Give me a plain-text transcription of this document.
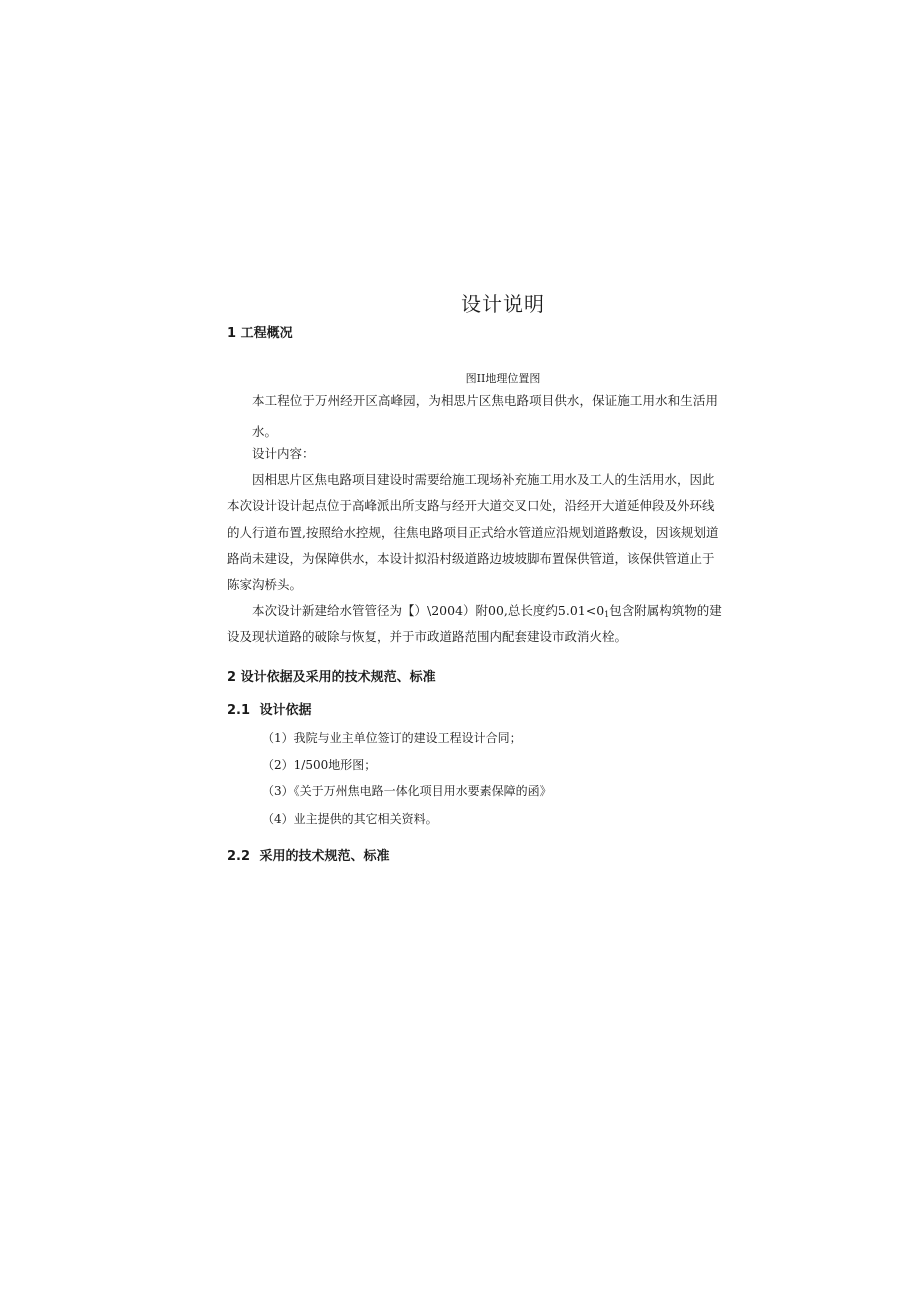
设计说明
1 工程概况
图II地理位置图
本工程位于万州经开区高峰园，为相思片区焦电路项目供水，保证施工用水和生活用水。
设计内容：
因相思片区焦电路项目建设时需要给施工现场补充施工用水及工人的生活用水，因此
本次设计设计起点位于高峰派出所支路与经开大道交叉口处，沿经开大道延伸段及外环线
的人行道布置,按照给水控规，往焦电路项目正式给水管道应沿规划道路敷设，因该规划道
路尚未建设，为保障供水，本设计拟沿村级道路边坡坡脚布置保供管道，该保供管道止于
陈家沟桥头。
本次设计新建给水管管径为【）\2004）附00,总长度约$5.01<0_1$包含附属构筑物的建
设及现状道路的破除与恢复，并于市政道路范围内配套建设市政消火栓。
2 设计依据及采用的技术规范、标准
2.1 设计依据
（1）我院与业主单位签订的建设工程设计合同；
（2）1/500地形图；
（3）《关于万州焦电路一体化项目用水要素保障的函》
（4）业主提供的其它相关资料。
2.2 采用的技术规范、标准
